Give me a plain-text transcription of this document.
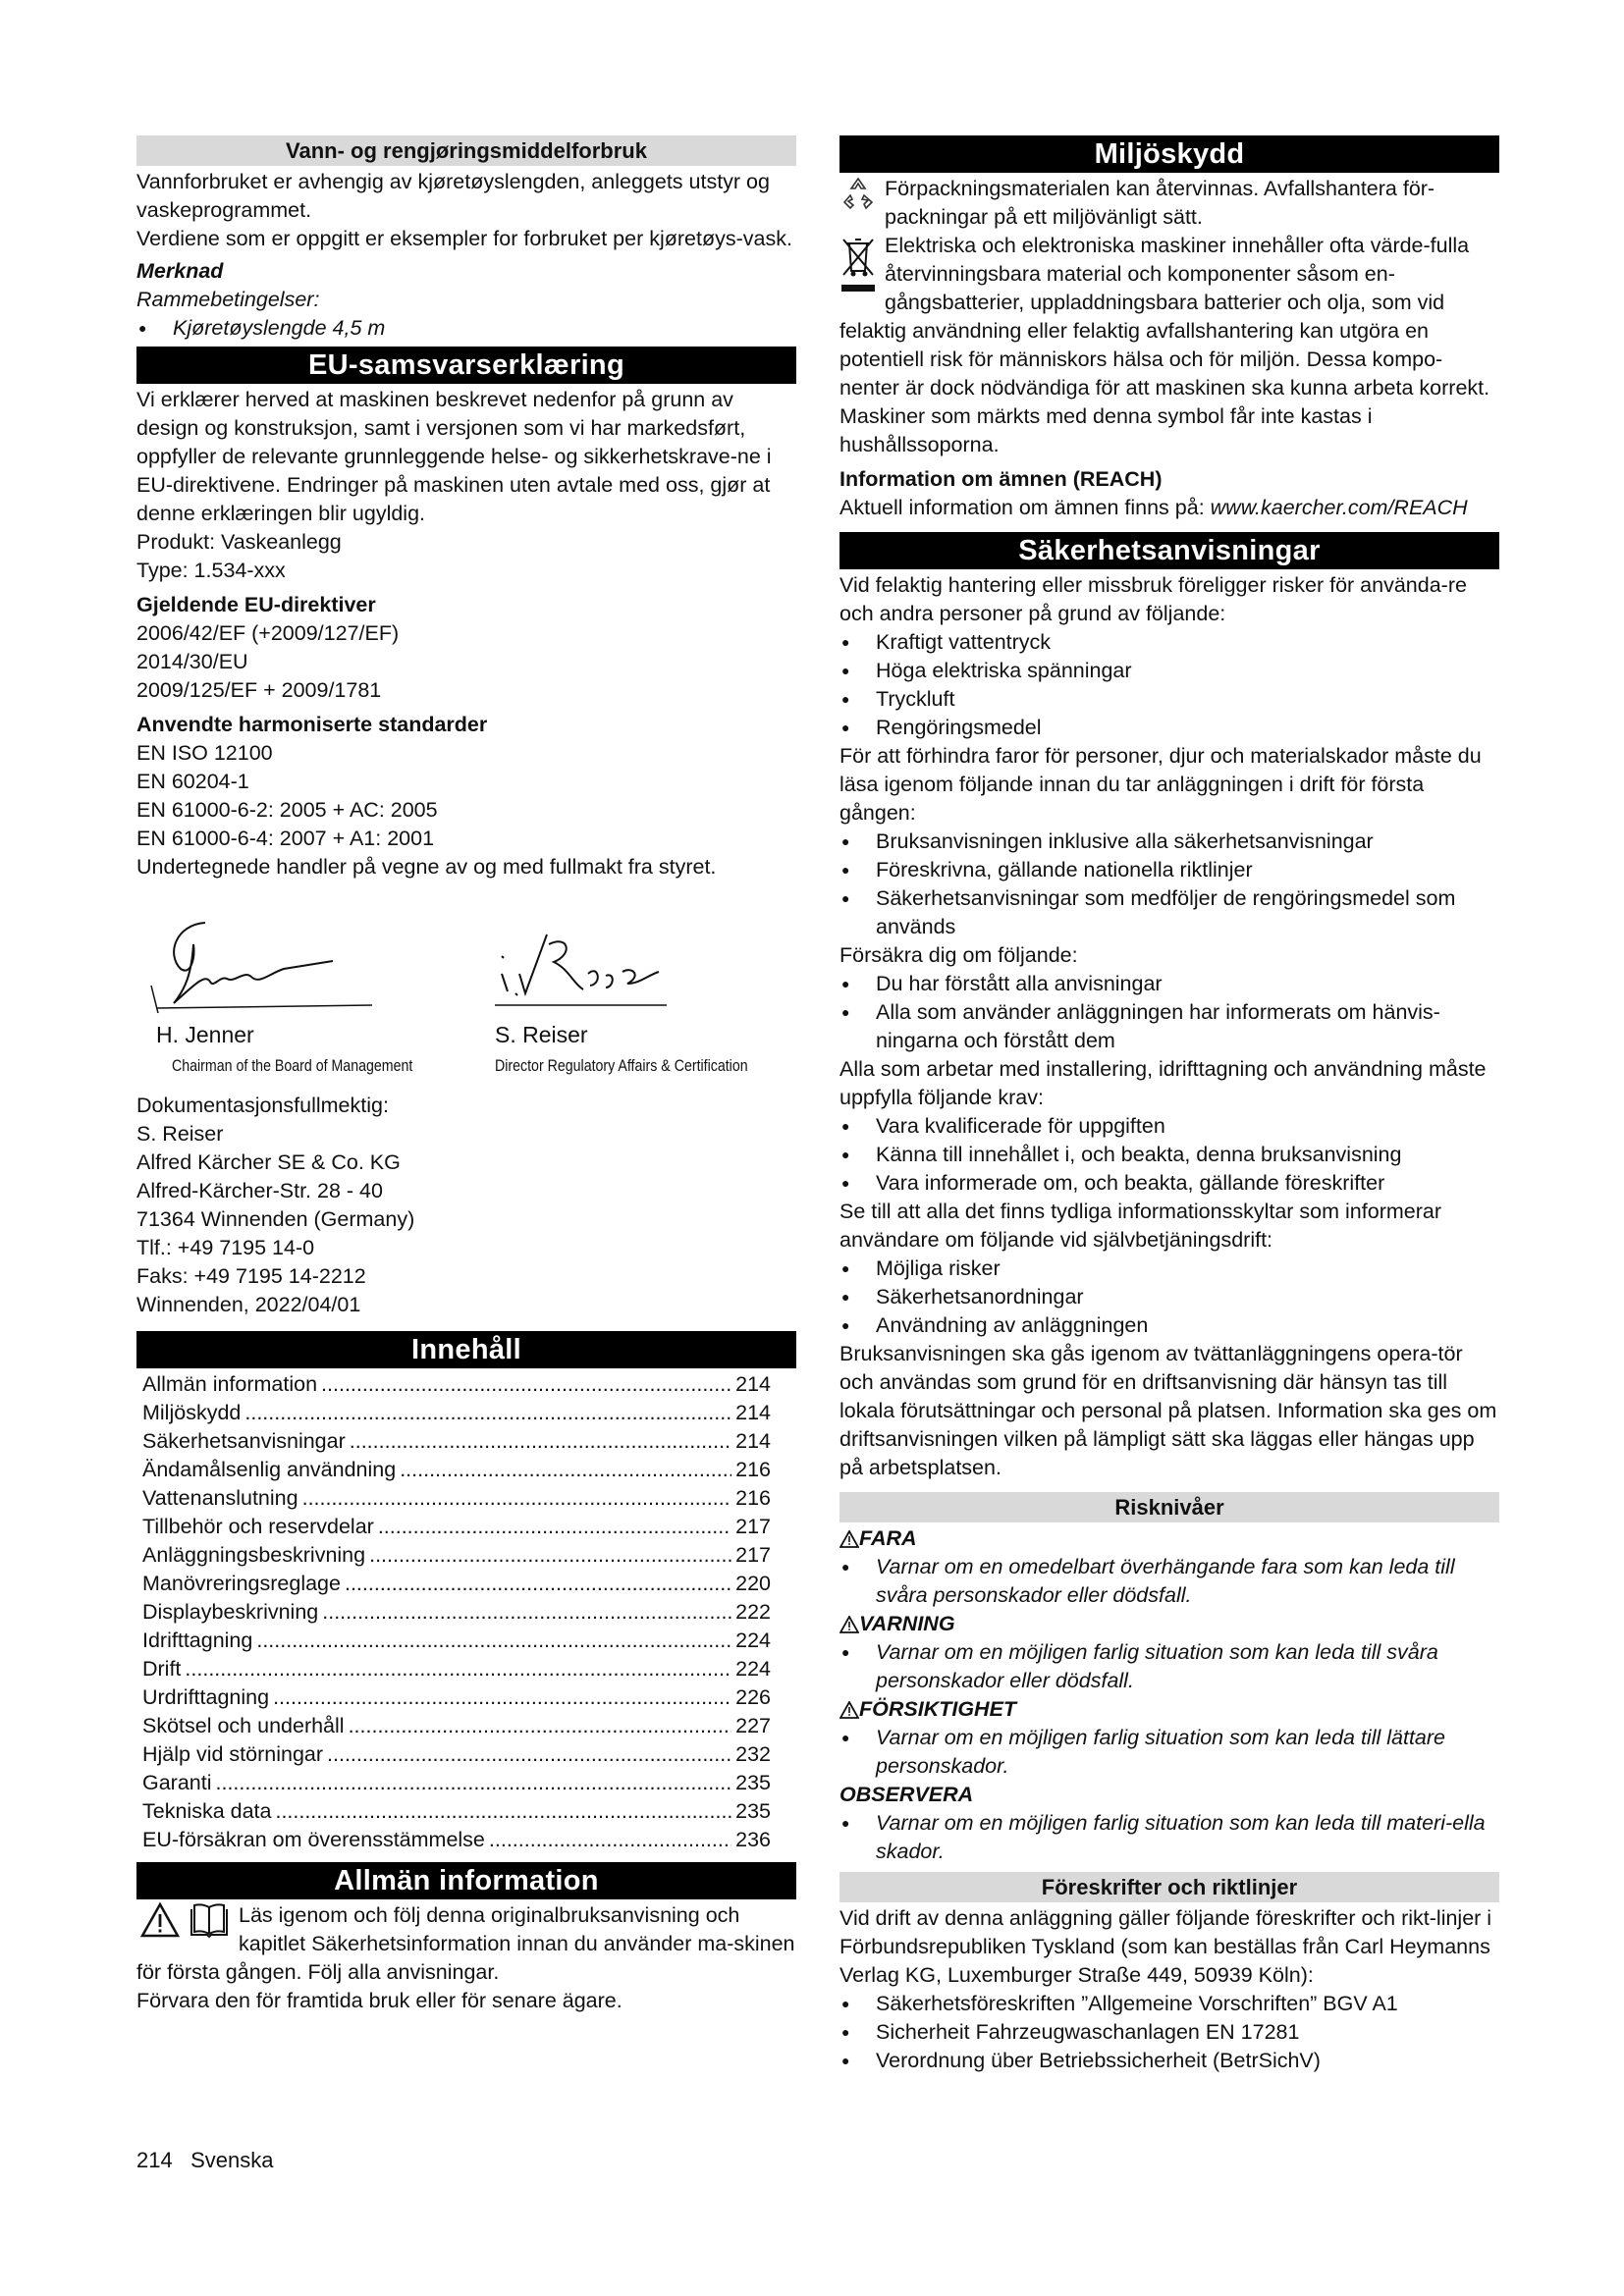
Vann- og rengjøringsmiddelforbruk

Vannforbruket er avhengig av kjøretøyslengden, anleggets utstyr og vaskeprogrammet.

Verdiene som er oppgitt er eksempler for forbruket per kjøretøys-vask.

Merknad

Rammebetingelser:

● Kjøretøyslengde 4,5 m
EU-samsvarserklæring

Vi erklærer herved at maskinen beskrevet nedenfor på grunn av design og konstruksjon, samt i versjonen som vi har markedsført, oppfyller de relevante grunnleggende helse- og sikkerhetskrave-ne i EU-direktivene. Endringer på maskinen uten avtale med oss, gjør at denne erklæringen blir ugyldig.

Produkt: Vaskeanlegg

Type: 1.534-xxx

Gjeldende EU-direktiver

2006/42/EF (+2009/127/EF)

2014/30/EU

2009/125/EF + 2009/1781

Anvendte harmoniserte standarder

EN ISO 12100

EN 60204-1

EN 61000-6-2: 2005 + AC: 2005

EN 61000-6-4: 2007 + A1: 2001

Undertegnede handler på vegne av og med fullmakt fra styret.

H. Jenner
Chairman of the Board of Management
S. Reiser
Director Regulatory Affairs & Certification

Dokumentasjonsfullmektig:

S. Reiser

Alfred Kärcher SE & Co. KG

Alfred-Kärcher-Str. 28 - 40

71364 Winnenden (Germany)

Tlf.: +49 7195 14-0

Faks: +49 7195 14-2212

Winnenden, 2022/04/01

Innehåll
Allmän information .....	214
Miljöskydd .....	214
Säkerhetsanvisningar .....	214
Ändamålsenlig användning .....	216
Vattenanslutning .....	216
Tillbehör och reservdelar .....	217
Anläggningsbeskrivning .....	217
Manövreringsreglage .....	220
Displaybeskrivning .....	222
Idrifttagning .....	224
Drift .....	224
Urdrifttagning .....	226
Skötsel och underhåll .....	227
Hjälp vid störningar .....	232
Garanti .....	235
Tekniska data .....	235
EU-försäkran om överensstämmelse .....	236
Allmän information

Läs igenom och följ denna originalbruksanvisning och kapitlet Säkerhetsinformation innan du använder ma-skinen för första gången. Följ alla anvisningar.

Förvara den för framtida bruk eller för senare ägare.

Miljöskydd

Förpackningsmaterialen kan återvinnas. Avfallshantera för-packningar på ett miljövänligt sätt.

Elektriska och elektroniska maskiner innehåller ofta värde-fulla återvinningsbara material och komponenter såsom en-gångsbatterier, uppladdningsbara batterier och olja, som vid felaktig användning eller felaktig avfallshantering kan utgöra en potentiell risk för människors hälsa och för miljön. Dessa kompo-nenter är dock nödvändiga för att maskinen ska kunna arbeta korrekt. Maskiner som märkts med denna symbol får inte kastas i hushållssoporna.

Information om ämnen (REACH)

Aktuell information om ämnen finns på: www.kaercher.com/REACH

Säkerhetsanvisningar

Vid felaktig hantering eller missbruk föreligger risker för använda-re och andra personer på grund av följande:

● Kraftigt vattentryck
● Höga elektriska spänningar
● Tryckluft
● Rengöringsmedel

För att förhindra faror för personer, djur och materialskador måste du läsa igenom följande innan du tar anläggningen i drift för första gången:

● Bruksanvisningen inklusive alla säkerhetsanvisningar
● Föreskrivna, gällande nationella riktlinjer
● Säkerhetsanvisningar som medföljer de rengöringsmedel som används

Försäkra dig om följande:

● Du har förstått alla anvisningar
● Alla som använder anläggningen har informerats om hänvis-ningarna och förstått dem

Alla som arbetar med installering, idrifttagning och användning måste uppfylla följande krav:

● Vara kvalificerade för uppgiften
● Känna till innehållet i, och beakta, denna bruksanvisning
● Vara informerade om, och beakta, gällande föreskrifter

Se till att alla det finns tydliga informationsskyltar som informerar användare om följande vid självbetjäningsdrift:

● Möjliga risker
● Säkerhetsanordningar
● Användning av anläggningen

Bruksanvisningen ska gås igenom av tvättanläggningens opera-tör och användas som grund för en driftsanvisning där hänsyn tas till lokala förutsättningar och personal på platsen. Information ska ges om driftsanvisningen vilken på lämpligt sätt ska läggas eller hängas upp på arbetsplatsen.

Risknivåer
FARA
● Varnar om en omedelbart överhängande fara som kan leda till svåra personskador eller dödsfall.
VARNING
● Varnar om en möjligen farlig situation som kan leda till svåra personskador eller dödsfall.
FÖRSIKTIGHET
● Varnar om en möjligen farlig situation som kan leda till lättare personskador.

OBSERVERA

● Varnar om en möjligen farlig situation som kan leda till materi-ella skador.
Föreskrifter och riktlinjer

Vid drift av denna anläggning gäller följande föreskrifter och rikt-linjer i Förbundsrepubliken Tyskland (som kan beställas från Carl Heymanns Verlag KG, Luxemburger Straße 449, 50939 Köln):

● Säkerhetsföreskriften ”Allgemeine Vorschriften” BGV A1
● Sicherheit Fahrzeugwaschanlagen EN 17281
● Verordnung über Betriebssicherheit (BetrSichV)
214 Svenska
